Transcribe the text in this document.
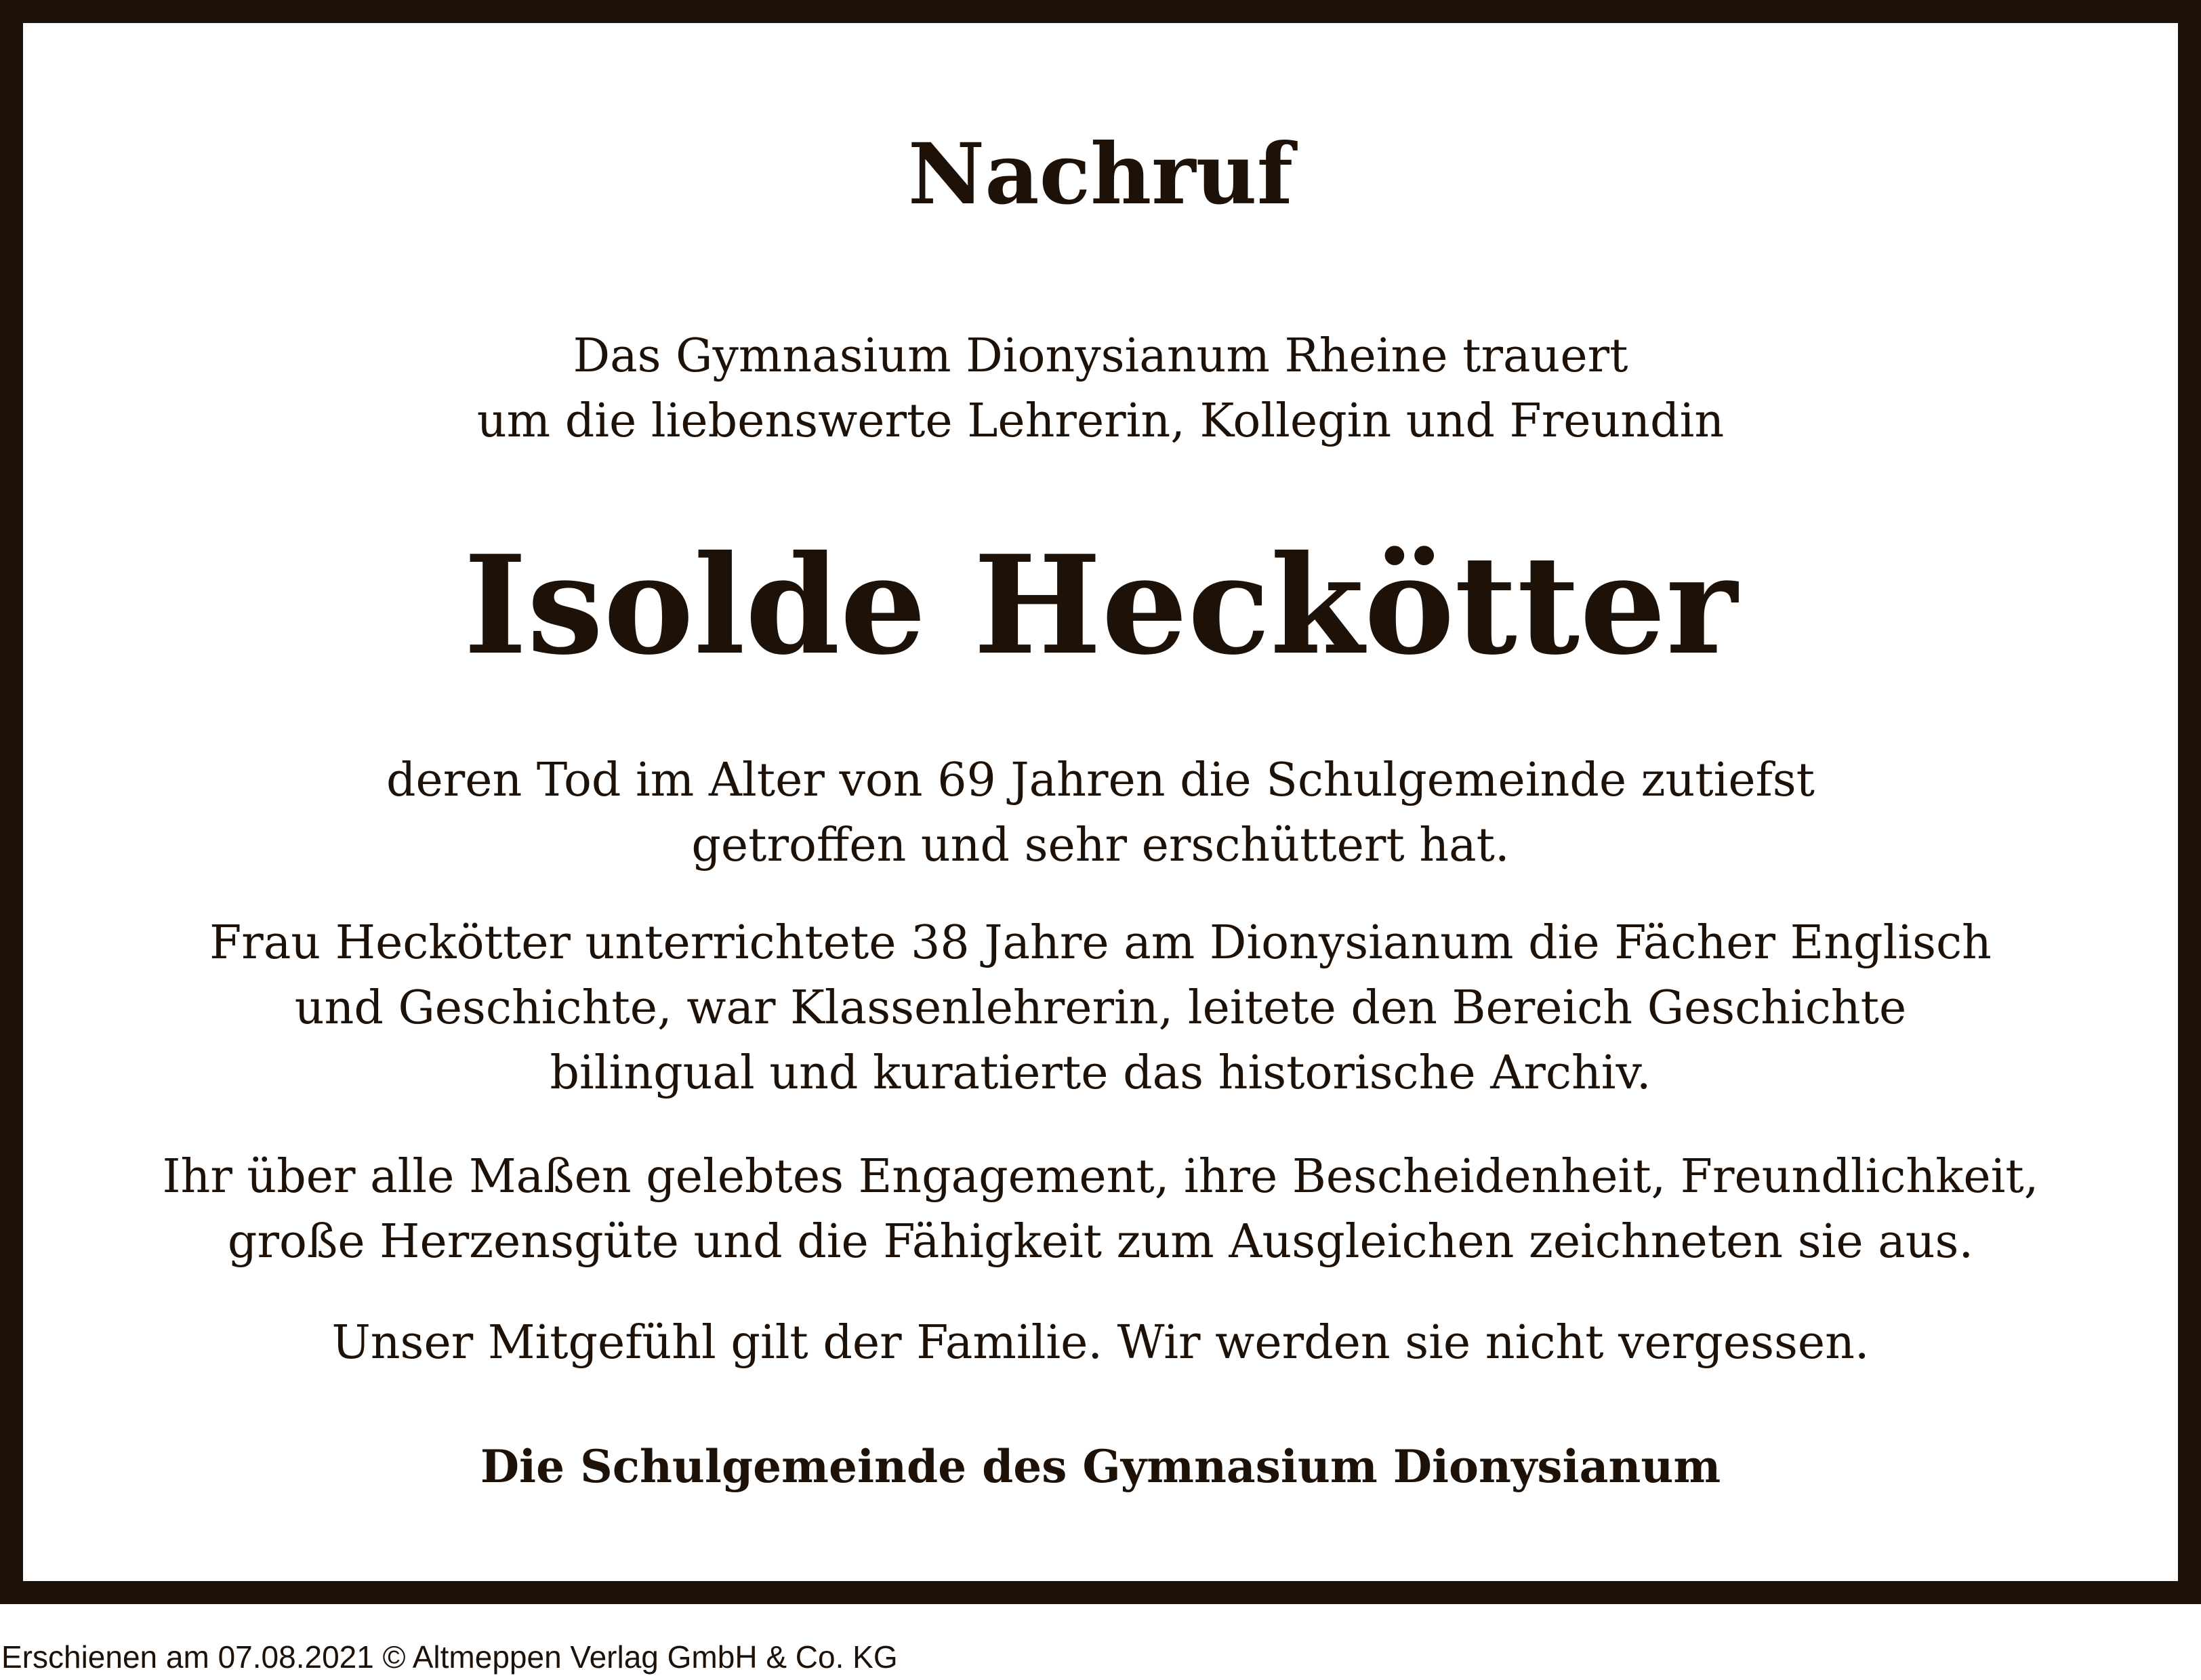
Nachruf

Das Gymnasium Dionysianum Rheine trauert
um die liebenswerte Lehrerin, Kollegin und Freundin

Isolde Heckötter

deren Tod im Alter von 69 Jahren die Schulgemeinde zutiefst
getroffen und sehr erschüttert hat.

Frau Heckötter unterrichtete 38 Jahre am Dionysianum die Fächer Englisch
und Geschichte, war Klassenlehrerin, leitete den Bereich Geschichte
bilingual und kuratierte das historische Archiv.

Ihr über alle Maßen gelebtes Engagement, ihre Bescheidenheit, Freundlichkeit,
große Herzensgüte und die Fähigkeit zum Ausgleichen zeichneten sie aus.

Unser Mitgefühl gilt der Familie. Wir werden sie nicht vergessen.

Die Schulgemeinde des Gymnasium Dionysianum

Erschienen am 07.08.2021 © Altmeppen Verlag GmbH & Co. KG
